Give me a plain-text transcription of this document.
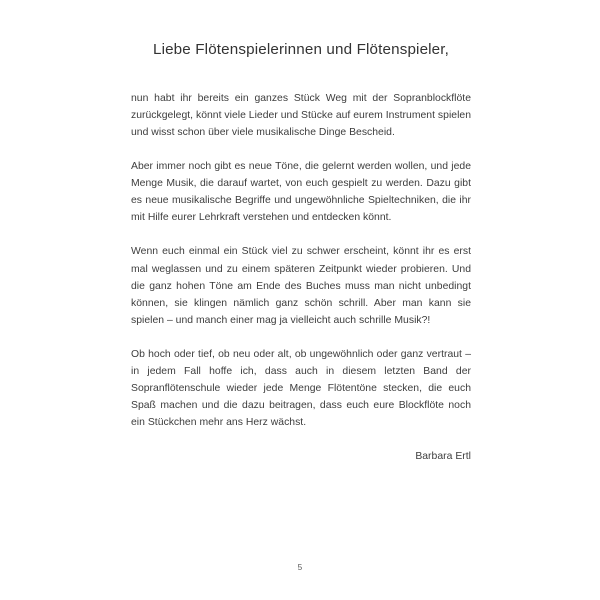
Liebe Flötenspielerinnen und Flötenspieler,

nun habt ihr bereits ein ganzes Stück Weg mit der Sopranblockflöte zurückgelegt, könnt viele Lieder und Stücke auf eurem Instrument spielen und wisst schon über viele musikalische Dinge Bescheid.

Aber immer noch gibt es neue Töne, die gelernt werden wollen, und jede Menge Musik, die darauf wartet, von euch gespielt zu werden. Dazu gibt es neue musikalische Begriffe und ungewöhnliche Spieltechniken, die ihr mit Hilfe eurer Lehrkraft verstehen und entdecken könnt.

Wenn euch einmal ein Stück viel zu schwer erscheint, könnt ihr es erst mal weglassen und zu einem späteren Zeitpunkt wieder probieren. Und die ganz hohen Töne am Ende des Buches muss man nicht unbedingt können, sie klingen nämlich ganz schön schrill. Aber man kann sie spielen – und manch einer mag ja vielleicht auch schrille Musik?!

Ob hoch oder tief, ob neu oder alt, ob ungewöhnlich oder ganz vertraut – in jedem Fall hoffe ich, dass auch in diesem letzten Band der Sopranflötenschule wieder jede Menge Flötentöne stecken, die euch Spaß machen und die dazu beitragen, dass euch eure Blockflöte noch ein Stückchen mehr ans Herz wächst.

Barbara Ertl

5
